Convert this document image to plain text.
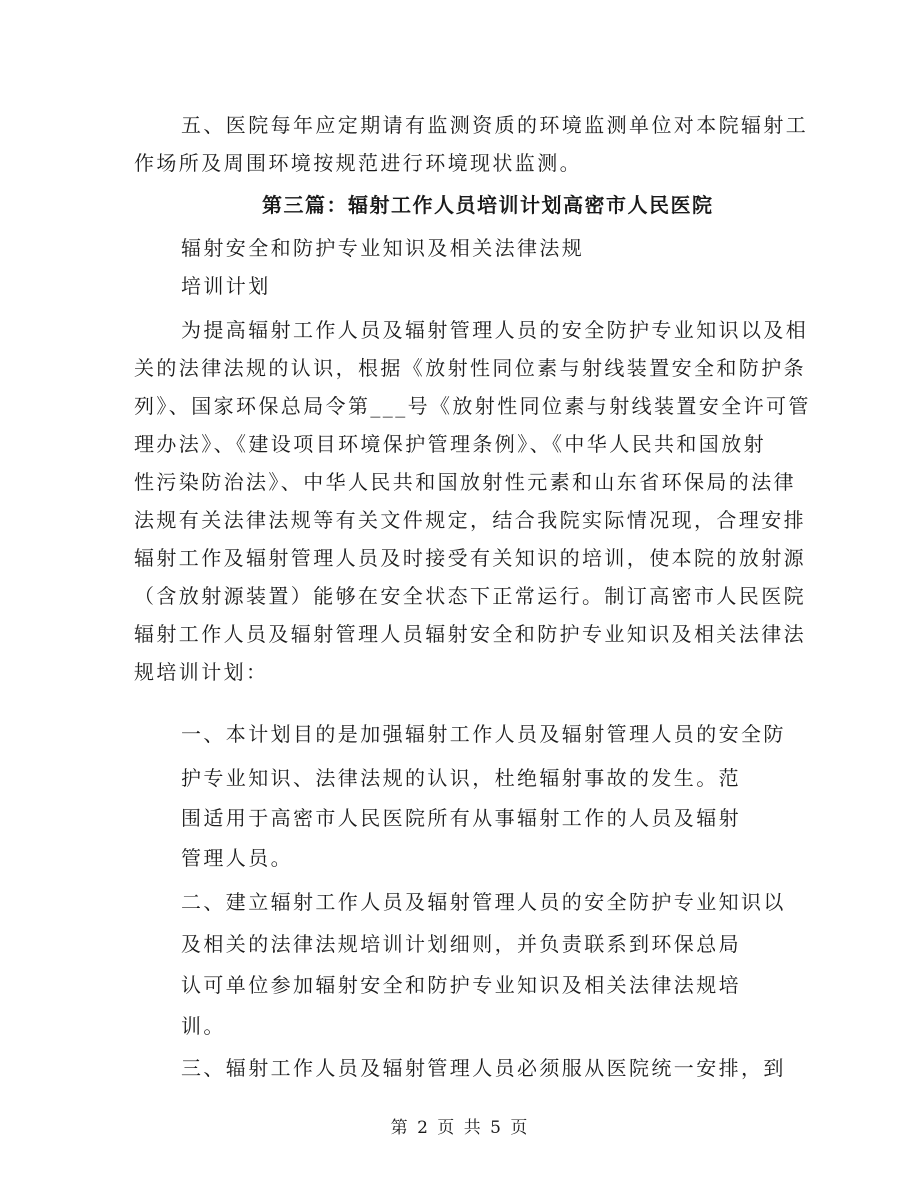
五、医院每年应定期请有监测资质的环境监测单位对本院辐射工
作场所及周围环境按规范进行环境现状监测。
第三篇：辐射工作人员培训计划高密市人民医院
辐射安全和防护专业知识及相关法律法规
培训计划
为提高辐射工作人员及辐射管理人员的安全防护专业知识以及相
关的法律法规的认识，根据《放射性同位素与射线装置安全和防护条
列》、国家环保总局令第___号《放射性同位素与射线装置安全许可管
理办法》、《建设项目环境保护管理条例》、《中华人民共和国放射
性污染防治法》、中华人民共和国放射性元素和山东省环保局的法律
法规有关法律法规等有关文件规定，结合我院实际情况现，合理安排
辐射工作及辐射管理人员及时接受有关知识的培训，使本院的放射源
（含放射源装置）能够在安全状态下正常运行。制订高密市人民医院
辐射工作人员及辐射管理人员辐射安全和防护专业知识及相关法律法
规培训计划：
一、本计划目的是加强辐射工作人员及辐射管理人员的安全防
护专业知识、法律法规的认识，杜绝辐射事故的发生。范
围适用于高密市人民医院所有从事辐射工作的人员及辐射
管理人员。
二、建立辐射工作人员及辐射管理人员的安全防护专业知识以
及相关的法律法规培训计划细则，并负责联系到环保总局
认可单位参加辐射安全和防护专业知识及相关法律法规培
训。
三、辐射工作人员及辐射管理人员必须服从医院统一安排，到
第 2 页 共 5 页
